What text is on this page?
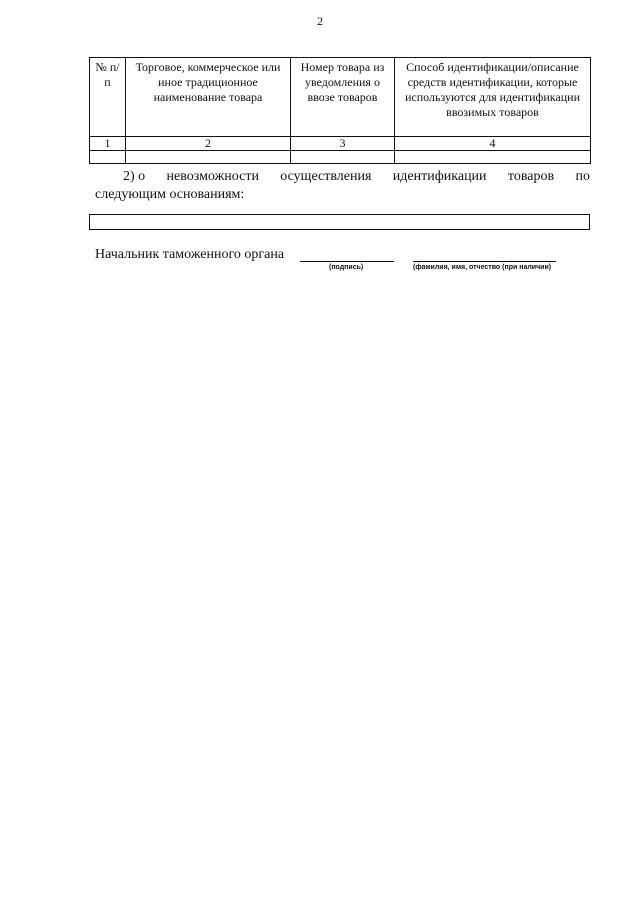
2
№ п/п	Торговое, коммерческое или иное традиционное наименование товара	Номер товара из уведомления о ввозе товаров	Способ идентификации/описание средств идентификации, которые используются для идентификации ввозимых товаров
1	2	3	4

2) о невозможности осуществления идентификации товаров по
следующим основаниям:
Начальник таможенного органа
(подпись)	(фамилия, имя, отчество (при наличии)
